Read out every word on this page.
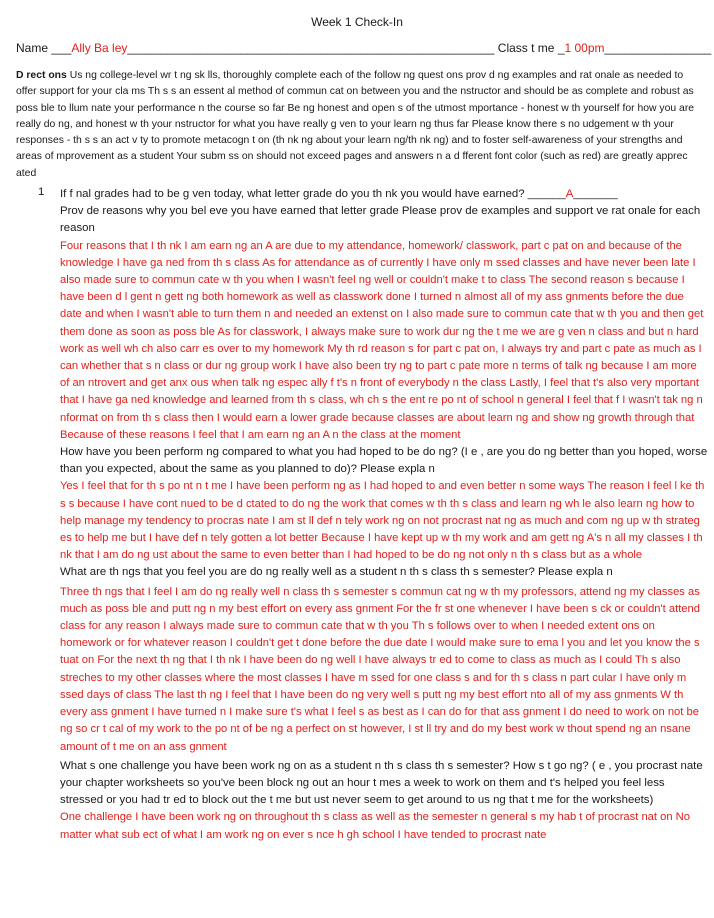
Week 1 Check-In
Name ___Ally Ba ley_______________________________________________________ Class t me _1 00pm________________
D rect ons Us ng college-level wr t ng sk lls, thoroughly complete each of the follow ng quest ons prov d ng examples and rat onale as needed to offer support for your cla ms Th s s an essent al method of commun cat on between you and the nstructor and should be as complete and robust as poss ble to llum nate your performance n the course so far Be ng honest and open s of the utmost mportance - honest w th yourself for how you are really do ng, and honest w th your nstructor for what you have really g ven to your learn ng thus far Please know there s no udgement w th your responses - th s s an act v ty to promote metacogn t on (th nk ng about your learn ng/th nk ng) and to foster self-awareness of your strengths and areas of mprovement as a student Your subm ss on should not exceed pages and answers n a d fferent font color (such as red) are greatly apprec ated
1 If f nal grades had to be g ven today, what letter grade do you th nk you would have earned? ______A_______

Prov de reasons why you bel eve you have earned that letter grade Please prov de examples and support ve rat onale for each reason

Four reasons that I th nk I am earn ng an A are due to my attendance, homework/ classwork, part c pat on and because of the knowledge I have ga ned from th s class As for attendance as of currently I have only m ssed classes and have never been late I also made sure to commun cate w th you when I wasn't feel ng well or couldn't make t to class The second reason s because I have been d l gent n gett ng both homework as well as classwork done I turned n almost all of my ass gnments before the due date and when I wasn't able to turn them n and needed an extenst on I also made sure to commun cate that w th you and then get them done as soon as poss ble As for classwork, I always make sure to work dur ng the t me we are g ven n class and but n hard work as well wh ch also carr es over to my homework My th rd reason s for part c pat on, I always try and part c pate as much as I can whether that s n class or dur ng group work I have also been try ng to part c pate more n terms of talk ng because I am more of an ntrovert and get anx ous when talk ng espec ally f t's n front of everybody n the class Lastly, I feel that t's also very mportant that I have ga ned knowledge and learned from th s class, wh ch s the ent re po nt of school n general I feel that f I wasn't tak ng n nformat on from th s class then I would earn a lower grade because classes are about learn ng and show ng growth through that Because of these reasons I feel that I am earn ng an A n the class at the moment

How have you been perform ng compared to what you had hoped to be do ng? (I e , are you do ng better than you hoped, worse than you expected, about the same as you planned to do)? Please expla n

Yes I feel that for th s po nt n t me I have been perform ng as I had hoped to and even better n some ways The reason I feel l ke th s s because I have cont nued to be d ctated to do ng the work that comes w th th s class and learn ng wh le also learn ng how to help manage my tendency to procras nate I am st ll def n tely work ng on not procrast nat ng as much and com ng up w th strateg es to help me but I have def n tely gotten a lot better Because I have kept up w th my work and am gett ng A's n all my classes I th nk that I am do ng ust about the same to even better than I had hoped to be do ng not only n th s class but as a whole

What are th ngs that you feel you are do ng really well as a student n th s class th s semester? Please expla n

Three th ngs that I feel I am do ng really well n class th s semester s commun cat ng w th my professors, attend ng my classes as much as poss ble and putt ng n my best effort on every ass gnment For the fr st one whenever I have been s ck or couldn't attend class for any reason I always made sure to commun cate that w th you Th s follows over to when I needed extent ons on homework or for whatever reason I couldn't get t done before the due date I would make sure to ema l you and let you know the s tuat on For the next th ng that I th nk I have been do ng well I have always tr ed to come to class as much as I could Th s also streches to my other classes where the most classes I have m ssed for one class s and for th s class n part cular I have only m ssed days of class The last th ng I feel that I have been do ng very well s putt ng my best effort nto all of my ass gnments W th every ass gnment I have turned n I make sure t's what I feel s as best as I can do for that ass gnment I do need to work on not be ng so cr t cal of my work to the po nt of be ng a perfect on st however, I st ll try and do my best work w thout spend ng an nsane amount of t me on an ass gnment

What s one challenge you have been work ng on as a student n th s class th s semester? How s t go ng? ( e , you procrast nate your chapter worksheets so you've been block ng out an hour t mes a week to work on them and t's helped you feel less stressed or you had tr ed to block out the t me but ust never seem to get around to us ng that t me for the worksheets)

One challenge I have been work ng on throughout th s class as well as the semester n general s my hab t of procrast nat on No matter what sub ect of what I am work ng on ever s nce h gh school I have tended to procrast nate
